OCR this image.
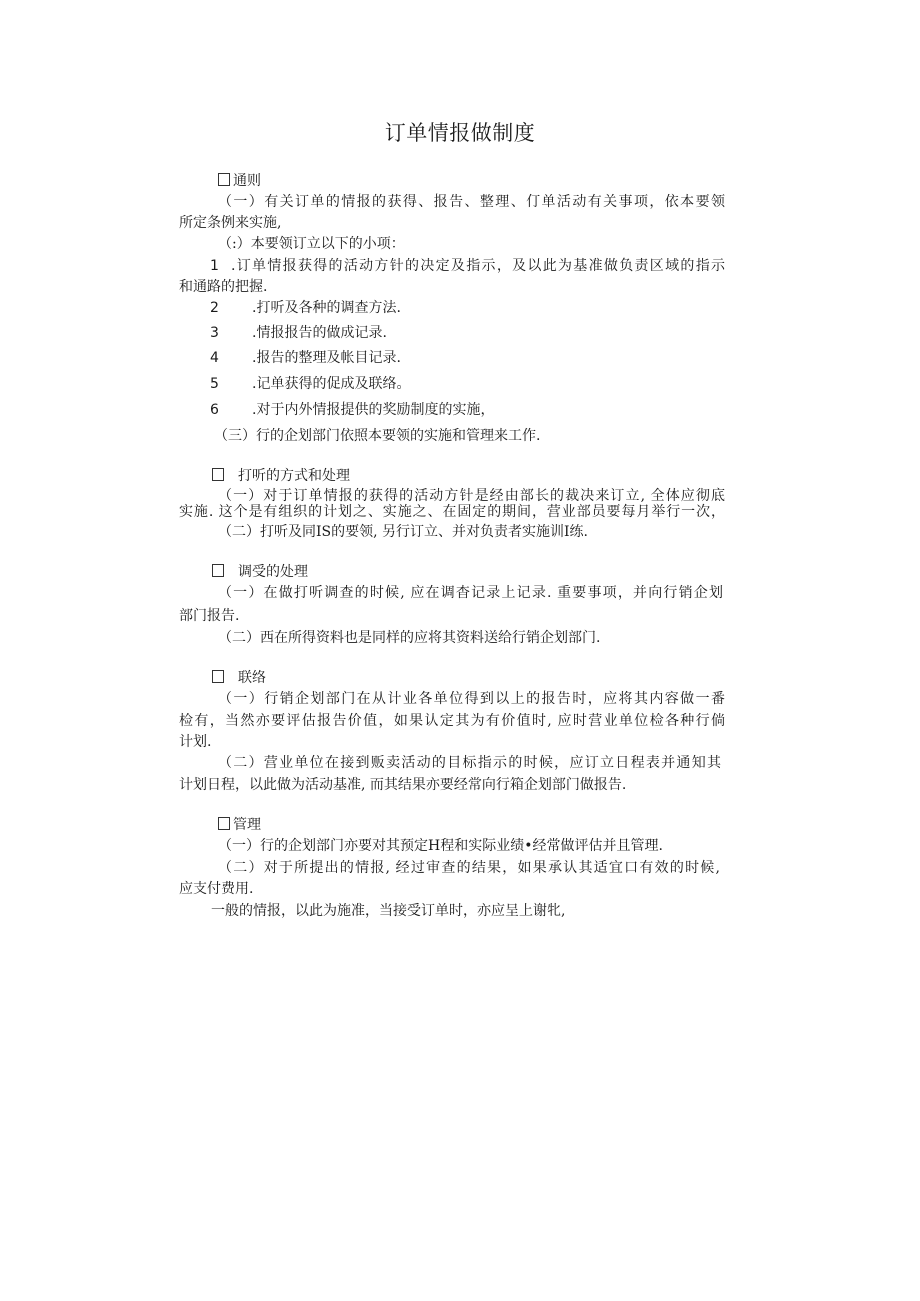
订单情报做制度
通则
（一）有关订单的情报的获得、报告、整理、仃单活动有关事项，依本要领
所定条例来实施,
（:）本要领订立以下的小项：
1 .订单情报获得的活动方针的决定及指示，及以此为基准做负责区域的指示
和通路的把握.
2 .打听及各种的调查方法.
3 .情报报告的做成记录.
4 .报告的整理及帐目记录.
5 .记单获得的促成及联络。
6 .对于内外情报提供的奖励制度的实施，
（三）行的企划部门依照本要领的实施和管理来工作.
打听的方式和处理
（一）对于订单情报的获得的活动方针是经由部长的裁决来订立, 全体应彻底
实施. 这个是有组织的计划之、实施之、在固定的期间，营业部员要每月举行一次，
（二）打听及同IS的要领, 另行订立、并对负责者实施训I练.
调受的处理
（一）在做打听调查的时候, 应在调杳记录上记录. 重要事项，并向行销企划
部门报告.
（二）西在所得资料也是同样的应将其资料送给行销企划部门.
联络
（一）行销企划部门在从计业各单位得到以上的报告时，应将其内容做一番
检有，当然亦要评估报告价值，如果认定其为有价值时, 应时营业单位检各种行倘
计划.
（二）营业单位在接到贩卖活动的目标指示的时候，应订立日程表并通知其
计划日程，以此做为活动基准, 而其结果亦要经常向行箱企划部门做报告.
管理
（一）行的企划部门亦要对其预定H程和实际业绩•经常做评估并且管理.
（二）对于所提出的情报, 经过审查的结果，如果承认其适宜口有效的时候,
应支付费用.
一般的情报，以此为施准，当接受订单时，亦应呈上谢牝,
